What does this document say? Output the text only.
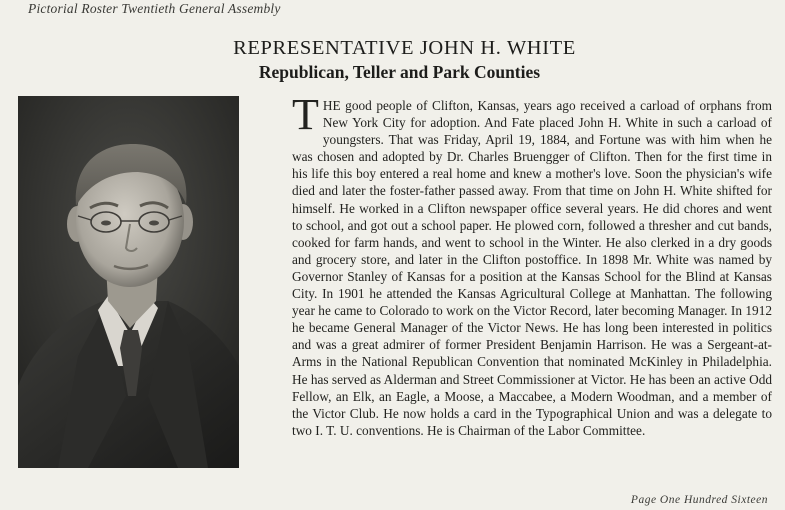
Pictorial Roster Twentieth General Assembly
REPRESENTATIVE JOHN H. WHITE
Republican, Teller and Park Counties
THE good people of Clifton, Kansas, years ago received a carload of orphans from New York City for adoption. And Fate placed John H. White in such a carload of youngsters. That was Friday, April 19, 1884, and Fortune was with him when he was chosen and adopted by Dr. Charles Bruengger of Clifton. Then for the first time in his life this boy entered a real home and knew a mother's love. Soon the physician's wife died and later the foster-father passed away. From that time on John H. White shifted for himself. He worked in a Clifton newspaper office several years. He did chores and went to school, and got out a school paper. He plowed corn, followed a thresher and cut bands, cooked for farm hands, and went to school in the Winter. He also clerked in a dry goods and grocery store, and later in the Clifton postoffice. In 1898 Mr. White was named by Governor Stanley of Kansas for a position at the Kansas School for the Blind at Kansas City. In 1901 he attended the Kansas Agricultural College at Manhattan. The following year he came to Colorado to work on the Victor Record, later becoming Manager. In 1912 he became General Manager of the Victor News. He has long been interested in politics and was a great admirer of former President Benjamin Harrison. He was a Sergeant-at-Arms in the National Republican Convention that nominated McKinley in Philadelphia. He has served as Alderman and Street Commissioner at Victor. He has been an active Odd Fellow, an Elk, an Eagle, a Moose, a Maccabee, a Modern Woodman, and a member of the Victor Club. He now holds a card in the Typographical Union and was a delegate to two I. T. U. conventions. He is Chairman of the Labor Committee.
Page One Hundred Sixteen
